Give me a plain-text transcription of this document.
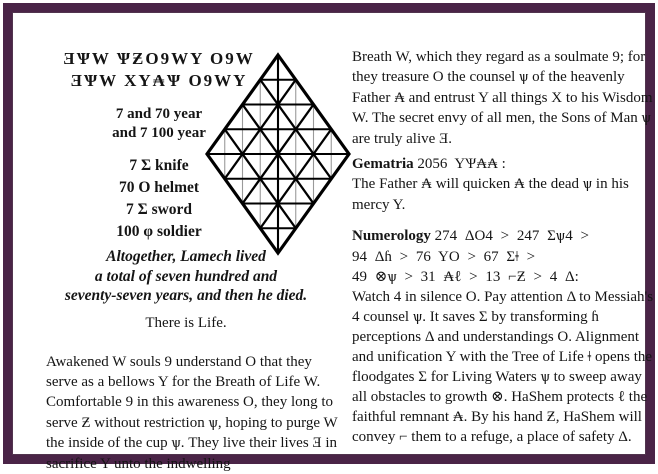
ƎѰW ѰƵO9WY O9W
ƎѰW XY₳Ѱ O9WY
7 and 70 year
and 7 100 year
7 Ʃ knife
70 O helmet
7 Ʃ sword
100 φ soldier
Altogether, Lamech lived
a total of seven hundred and
seventy-seven years, and then he died.
There is Life.

Awakened W souls 9 understand O that they serve as a bellows Y for the Breath of Life W. Comfortable 9 in this awareness O, they long to serve Ƶ without restriction ѱ, hoping to purge W the inside of the cup ѱ. They live their lives Ǝ in sacrifice Y unto the indwelling

Breath W, which they regard as a soulmate 9; for they treasure O the counsel ѱ of the heavenly Father ₳ and entrust Y all things X to his Wisdom W. The secret envy of all men, the Sons of Man ѱ are truly alive Ǝ.

Gematria 2056 YѰ₳₳ :

The Father ₳ will quicken ₳ the dead ѱ in his mercy Y.

Numerology 274 ΔO4 > 247 Ʃѱ4 >
94 Δɦ > 76 YO > 67 Ʃǂ >
49 ⊗ѱ > 31 ₳ℓ > 13 ⌐Ƶ > 4 Δ:

Watch 4 in silence O. Pay attention Δ to Messiah's 4 counsel ѱ. It saves Ʃ by transforming ɦ perceptions Δ and understandings O. Alignment and unification Y with the Tree of Life ǂ opens the floodgates Ʃ for Living Waters ѱ to sweep away all obstacles to growth ⊗. HaShem protects ℓ the faithful remnant ₳. By his hand Ƶ, HaShem will convey ⌐ them to a refuge, a place of safety Δ.
